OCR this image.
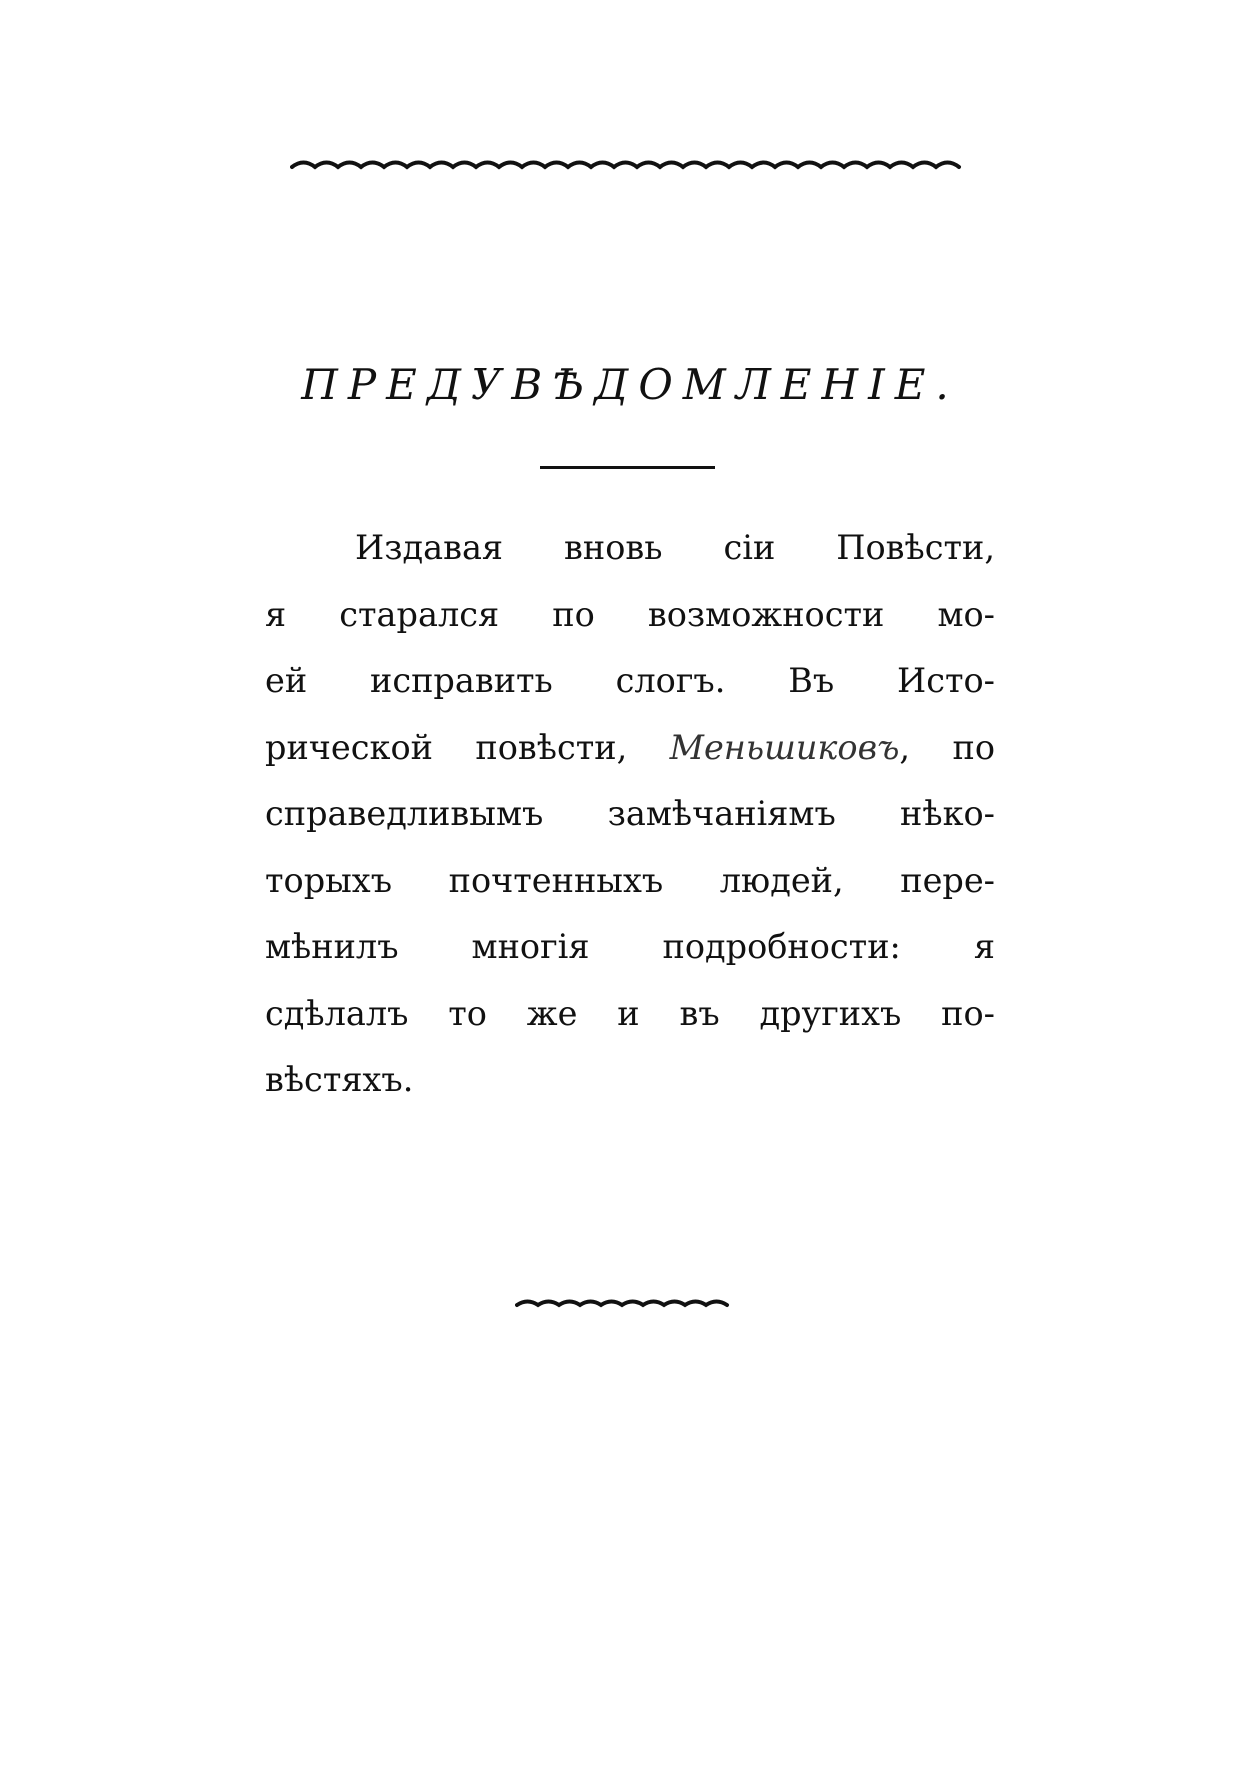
ПРЕДУВѢДОМЛЕНІЕ.
Издавая вновь сіи Повѣсти,
я старался по возможности мо-
ей исправить слогъ. Въ Исто-
рической повѣсти, Меньшиковъ, по
справедливымъ замѣчаніямъ нѣко-
торыхъ почтенныхъ людей, пере-
мѣнилъ многія подробности: я
сдѣлалъ то же и въ другихъ по-
вѣстяхъ.
